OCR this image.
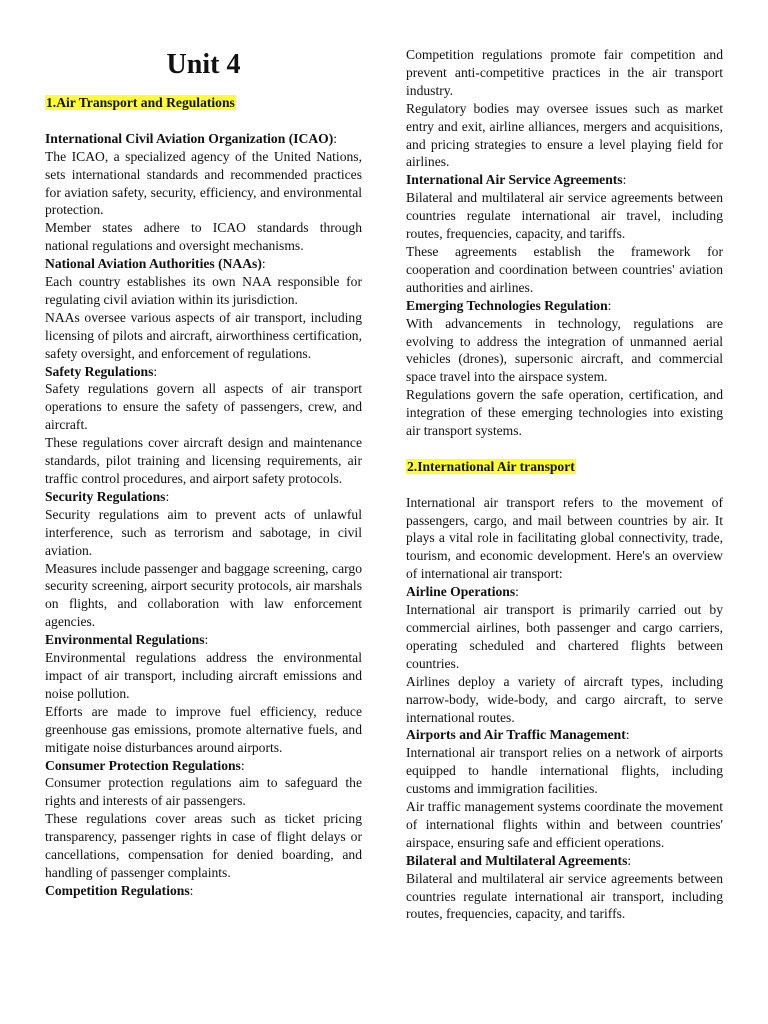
Unit 4

1.Air Transport and Regulations

International Civil Aviation Organization (ICAO):

The ICAO, a specialized agency of the United Nations, sets international standards and recommended practices for aviation safety, security, efficiency, and environmental protection.

Member states adhere to ICAO standards through national regulations and oversight mechanisms.

National Aviation Authorities (NAAs):

Each country establishes its own NAA responsible for regulating civil aviation within its jurisdiction.

NAAs oversee various aspects of air transport, including licensing of pilots and aircraft, airworthiness certification, safety oversight, and enforcement of regulations.

Safety Regulations:

Safety regulations govern all aspects of air transport operations to ensure the safety of passengers, crew, and aircraft.

These regulations cover aircraft design and maintenance standards, pilot training and licensing requirements, air traffic control procedures, and airport safety protocols.

Security Regulations:

Security regulations aim to prevent acts of unlawful interference, such as terrorism and sabotage, in civil aviation.

Measures include passenger and baggage screening, cargo security screening, airport security protocols, air marshals on flights, and collaboration with law enforcement agencies.

Environmental Regulations:

Environmental regulations address the environmental impact of air transport, including aircraft emissions and noise pollution.

Efforts are made to improve fuel efficiency, reduce greenhouse gas emissions, promote alternative fuels, and mitigate noise disturbances around airports.

Consumer Protection Regulations:

Consumer protection regulations aim to safeguard the rights and interests of air passengers.

These regulations cover areas such as ticket pricing transparency, passenger rights in case of flight delays or cancellations, compensation for denied boarding, and handling of passenger complaints.

Competition Regulations:

Competition regulations promote fair competition and prevent anti-competitive practices in the air transport industry.

Regulatory bodies may oversee issues such as market entry and exit, airline alliances, mergers and acquisitions, and pricing strategies to ensure a level playing field for airlines.

International Air Service Agreements:

Bilateral and multilateral air service agreements between countries regulate international air travel, including routes, frequencies, capacity, and tariffs.

These agreements establish the framework for cooperation and coordination between countries' aviation authorities and airlines.

Emerging Technologies Regulation:

With advancements in technology, regulations are evolving to address the integration of unmanned aerial vehicles (drones), supersonic aircraft, and commercial space travel into the airspace system.

Regulations govern the safe operation, certification, and integration of these emerging technologies into existing air transport systems.

2.International Air transport

International air transport refers to the movement of passengers, cargo, and mail between countries by air. It plays a vital role in facilitating global connectivity, trade, tourism, and economic development. Here's an overview of international air transport:

Airline Operations:

International air transport is primarily carried out by commercial airlines, both passenger and cargo carriers, operating scheduled and chartered flights between countries.

Airlines deploy a variety of aircraft types, including narrow-body, wide-body, and cargo aircraft, to serve international routes.

Airports and Air Traffic Management:

International air transport relies on a network of airports equipped to handle international flights, including customs and immigration facilities.

Air traffic management systems coordinate the movement of international flights within and between countries' airspace, ensuring safe and efficient operations.

Bilateral and Multilateral Agreements:

Bilateral and multilateral air service agreements between countries regulate international air transport, including routes, frequencies, capacity, and tariffs.
